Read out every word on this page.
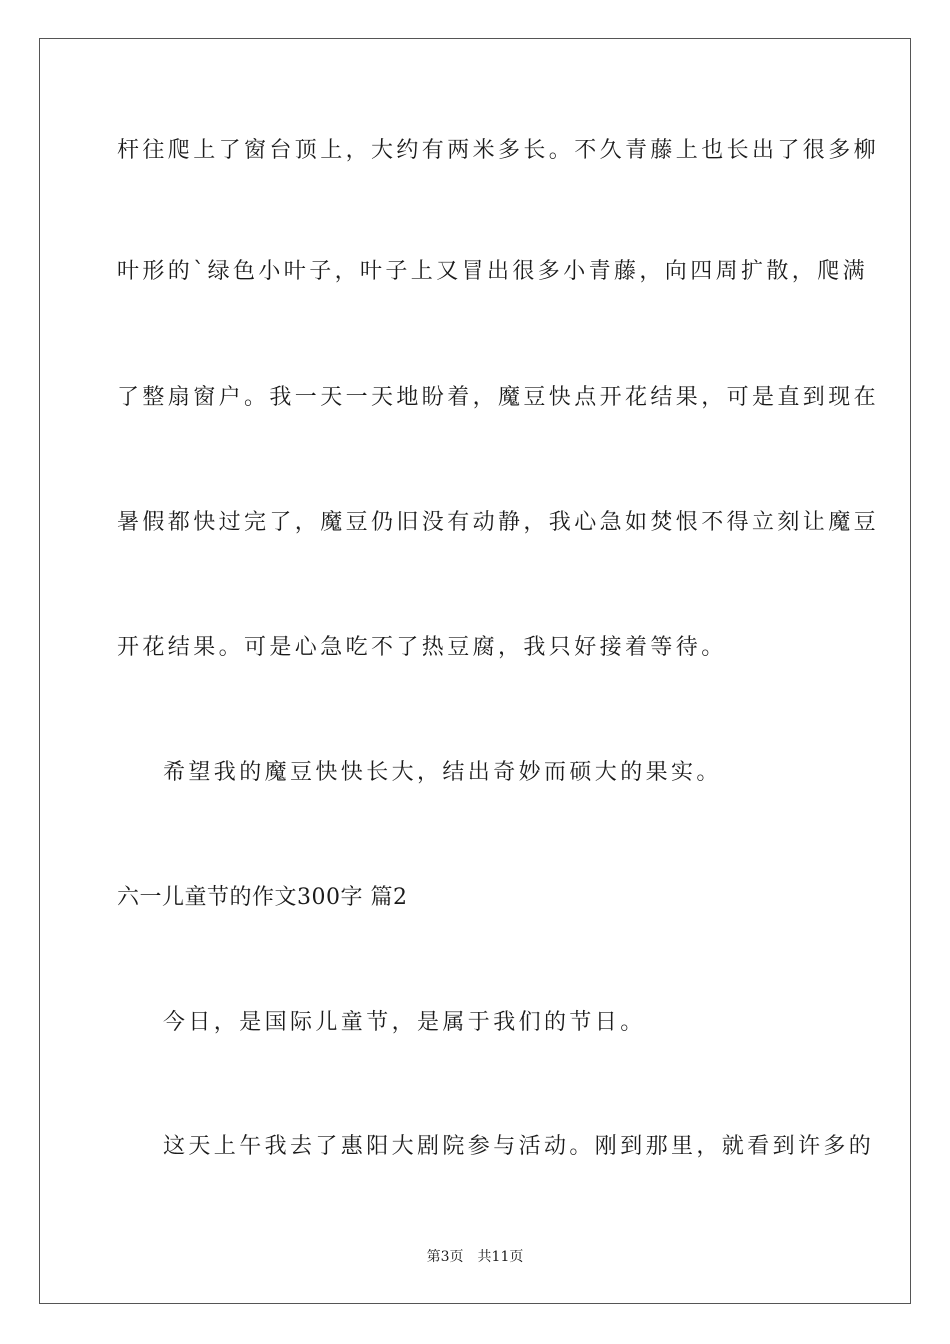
杆往爬上了窗台顶上，大约有两米多长。不久青藤上也长出了很多柳
叶形的`绿色小叶子，叶子上又冒出很多小青藤，向四周扩散，爬满
了整扇窗户。我一天一天地盼着，魔豆快点开花结果，可是直到现在
暑假都快过完了，魔豆仍旧没有动静，我心急如焚恨不得立刻让魔豆
开花结果。可是心急吃不了热豆腐，我只好接着等待。
希望我的魔豆快快长大，结出奇妙而硕大的果实。
六一儿童节的作文300字 篇2
今日，是国际儿童节，是属于我们的节日。
这天上午我去了惠阳大剧院参与活动。刚到那里，就看到许多的
第3页 共11页
